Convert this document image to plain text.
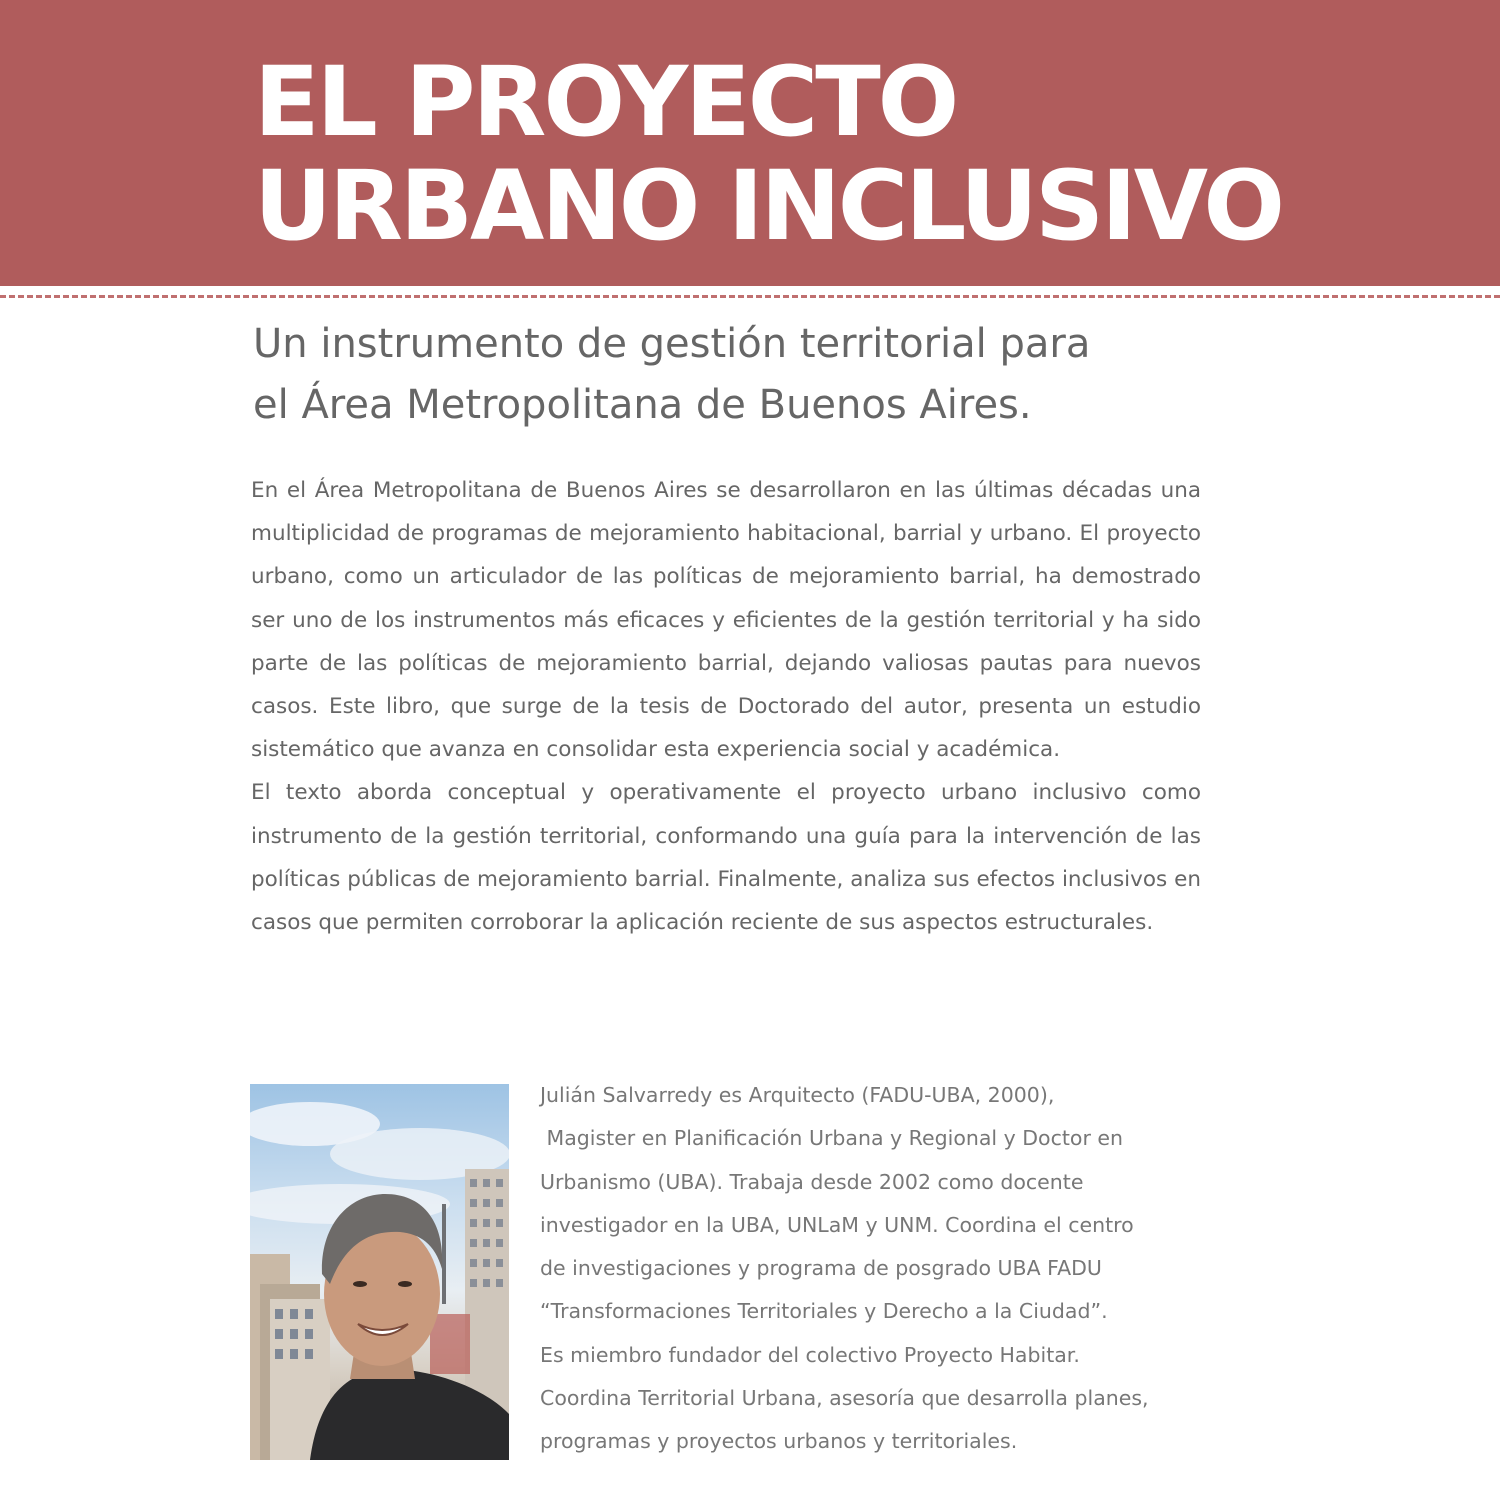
EL PROYECTO
URBANO INCLUSIVO
Un instrumento de gestión territorial para
el Área Metropolitana de Buenos Aires.

En el Área Metropolitana de Buenos Aires se desarrollaron en las últimas décadas una multiplicidad de programas de mejoramiento habitacional, barrial y urbano. El proyecto urbano, como un articulador de las políticas de mejoramiento barrial, ha demostrado ser uno de los instrumentos más eficaces y eficientes de la gestión territorial y ha sido parte de las políticas de mejoramiento barrial, dejando valiosas pautas para nuevos casos. Este libro, que surge de la tesis de Doctorado del autor, presenta un estudio sistemático que avanza en consolidar esta experiencia social y académica.

El texto aborda conceptual y operativamente el proyecto urbano inclusivo como instrumento de la gestión territorial, conformando una guía para la intervención de las políticas públicas de mejoramiento barrial. Finalmente, analiza sus efectos inclusivos en casos que permiten corroborar la aplicación reciente de sus aspectos estructurales.

Julián Salvarredy es Arquitecto (FADU-UBA, 2000),
Magister en Planificación Urbana y Regional y Doctor en
Urbanismo (UBA). Trabaja desde 2002 como docente
investigador en la UBA, UNLaM y UNM. Coordina el centro
de investigaciones y programa de posgrado UBA FADU
“Transformaciones Territoriales y Derecho a la Ciudad”.
Es miembro fundador del colectivo Proyecto Habitar.
Coordina Territorial Urbana, asesoría que desarrolla planes,
programas y proyectos urbanos y territoriales.
